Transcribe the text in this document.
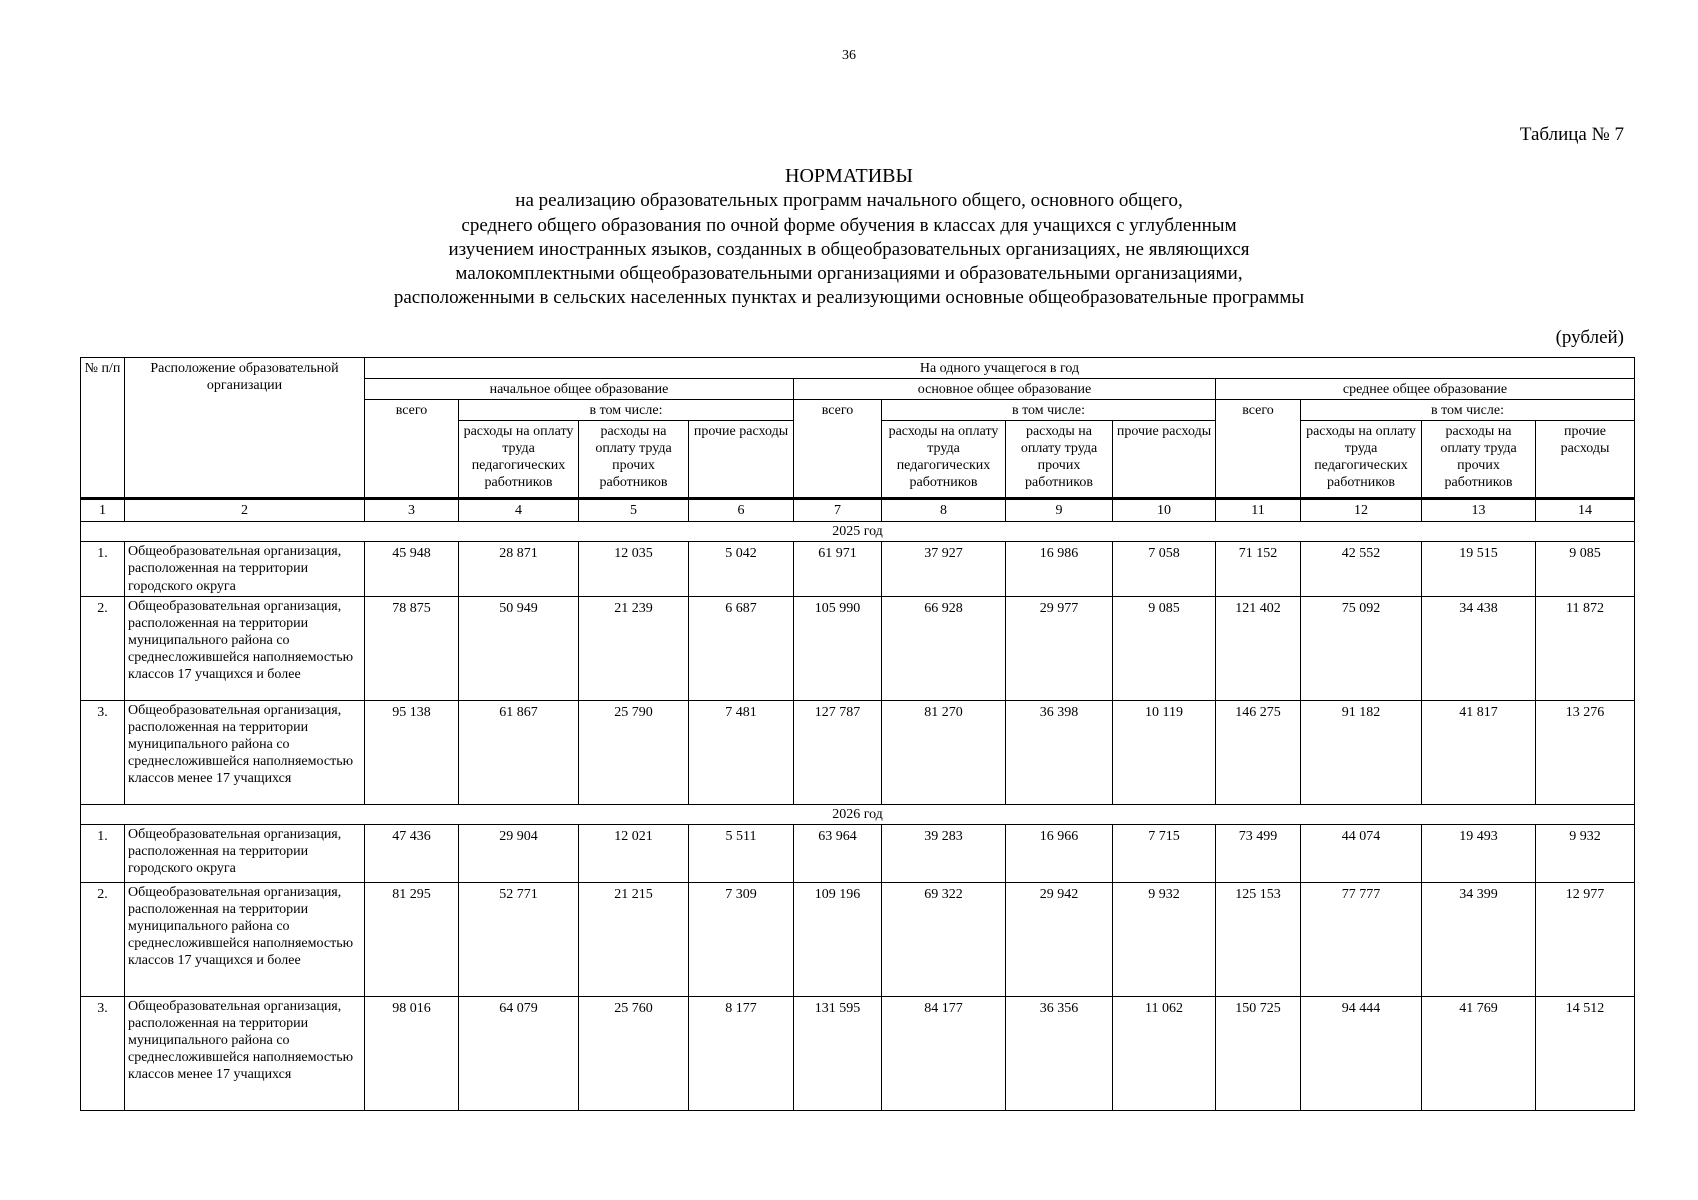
36
Таблица № 7
НОРМАТИВЫ
на реализацию образовательных программ начального общего, основного общего,
среднего общего образования по очной форме обучения в классах для учащихся с углубленным
изучением иностранных языков, созданных в общеобразовательных организациях, не являющихся
малокомплектными общеобразовательными организациями и образовательными организациями,
расположенными в сельских населенных пунктах и реализующими основные общеобразовательные программы
(рублей)
№ п/п	Расположение образовательной организации	На одного учащегося в год											
		начальное общее образование				основное общее образование				среднее общее образование			
		всего	в том числе:			всего	в том числе:			всего	в том числе:		
			расходы на оплату труда педагогических работников	расходы на оплату труда прочих работников	прочие расходы		расходы на оплату труда педагогических работников	расходы на оплату труда прочих работников	прочие расходы		расходы на оплату труда педагогических работников	расходы на оплату труда прочих работников	прочие расходы
1	2	3	4	5	6	7	8	9	10	11	12	13	14
2025 год													
1.	Общеобразовательная организация, расположенная на территории городского округа	45 948	28 871	12 035	5 042	61 971	37 927	16 986	7 058	71 152	42 552	19 515	9 085
2.	Общеобразовательная организация, расположенная на территории муниципального района со среднесложившейся наполняемостью классов 17 учащихся и более	78 875	50 949	21 239	6 687	105 990	66 928	29 977	9 085	121 402	75 092	34 438	11 872
3.	Общеобразовательная организация, расположенная на территории муниципального района со среднесложившейся наполняемостью классов менее 17 учащихся	95 138	61 867	25 790	7 481	127 787	81 270	36 398	10 119	146 275	91 182	41 817	13 276
2026 год													
1.	Общеобразовательная организация, расположенная на территории городского округа	47 436	29 904	12 021	5 511	63 964	39 283	16 966	7 715	73 499	44 074	19 493	9 932
2.	Общеобразовательная организация, расположенная на территории муниципального района со среднесложившейся наполняемостью классов 17 учащихся и более	81 295	52 771	21 215	7 309	109 196	69 322	29 942	9 932	125 153	77 777	34 399	12 977
3.	Общеобразовательная организация, расположенная на территории муниципального района со среднесложившейся наполняемостью классов менее 17 учащихся	98 016	64 079	25 760	8 177	131 595	84 177	36 356	11 062	150 725	94 444	41 769	14 512
